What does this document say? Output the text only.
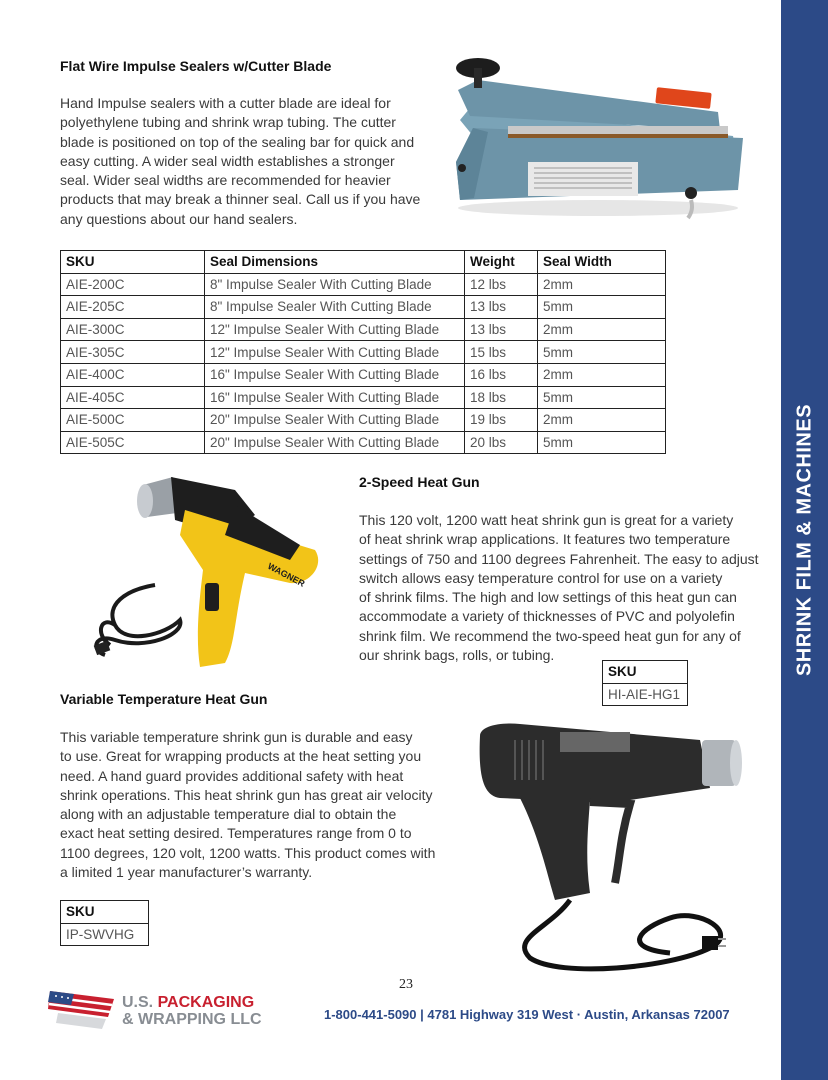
SHRINK FILM & MACHINES
Flat Wire Impulse Sealers w/Cutter Blade
Hand Impulse sealers with a cutter blade are ideal for
polyethylene tubing and shrink wrap tubing. The cutter
blade is positioned on top of the sealing bar for quick and
easy cutting. A wider seal width establishes a stronger
seal. Wider seal widths are recommended for heavier
products that may break a thinner seal. Call us if you have
any questions about our hand sealers.
SKU	Seal Dimensions	Weight	Seal Width
AIE-200C	8" Impulse Sealer With Cutting Blade	12 lbs	2mm
AIE-205C	8" Impulse Sealer With Cutting Blade	13 lbs	5mm
AIE-300C	12" Impulse Sealer With Cutting Blade	13 lbs	2mm
AIE-305C	12" Impulse Sealer With Cutting Blade	15 lbs	5mm
AIE-400C	16" Impulse Sealer With Cutting Blade	16 lbs	2mm
AIE-405C	16" Impulse Sealer With Cutting Blade	18 lbs	5mm
AIE-500C	20" Impulse Sealer With Cutting Blade	19 lbs	2mm
AIE-505C	20" Impulse Sealer With Cutting Blade	20 lbs	5mm
WAGNER
2-Speed Heat Gun
This 120 volt, 1200 watt heat shrink gun is great for a variety
of heat shrink wrap applications. It features two temperature
settings of 750 and 1100 degrees Fahrenheit. The easy to adjust
switch allows easy temperature control for use on a variety
of shrink films. The high and low settings of this heat gun can
accommodate a variety of thicknesses of PVC and polyolefin
shrink film. We recommend the two-speed heat gun for any of
our shrink bags, rolls, or tubing.
SKU
HI-AIE-HG1
Variable Temperature Heat Gun
This variable temperature shrink gun is durable and easy
to use. Great for wrapping products at the heat setting you
need. A hand guard provides additional safety with heat
shrink operations. This heat shrink gun has great air velocity
along with an adjustable temperature dial to obtain the
exact heat setting desired. Temperatures range from 0 to
1100 degrees, 120 volt, 1200 watts. This product comes with
a limited 1 year manufacturer’s warranty.
SKU
IP-SWVHG
23
U.S. PACKAGING
& WRAPPING LLC	1-800-441-5090 | 4781 Highway 319 West · Austin, Arkansas 72007
